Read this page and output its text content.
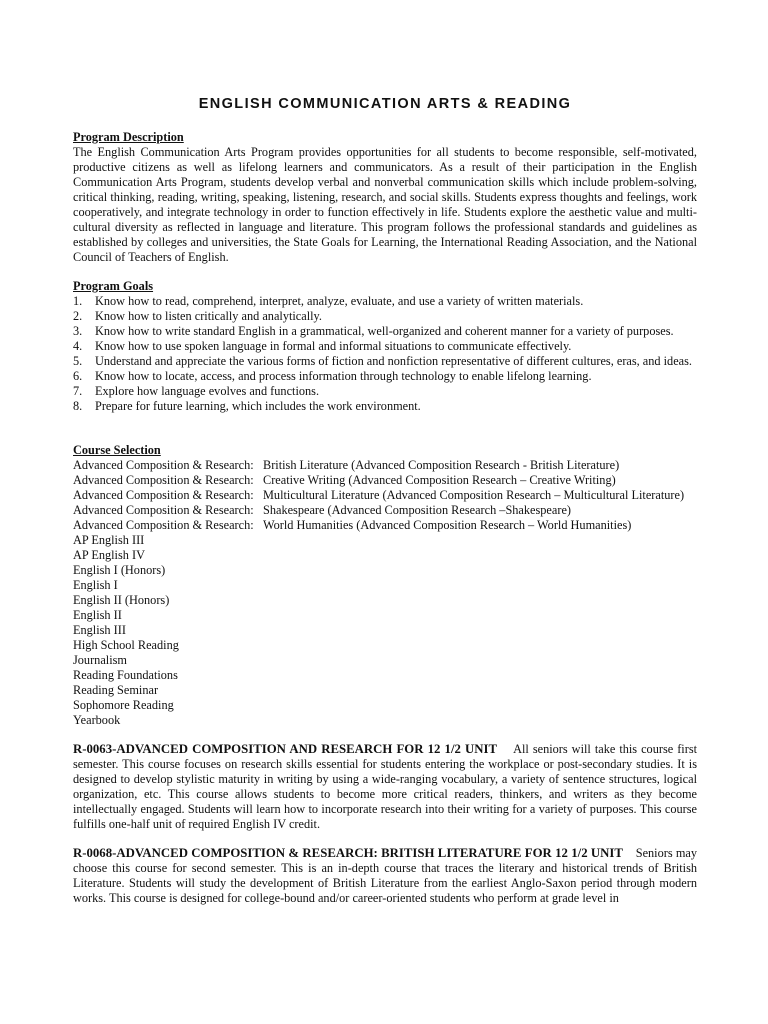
ENGLISH COMMUNICATION ARTS & READING
Program Description

The English Communication Arts Program provides opportunities for all students to become responsible, self-motivated, productive citizens as well as lifelong learners and communicators. As a result of their participation in the English Communication Arts Program, students develop verbal and nonverbal communication skills which include problem-solving, critical thinking, reading, writing, speaking, listening, research, and social skills. Students express thoughts and feelings, work cooperatively, and integrate technology in order to function effectively in life. Students explore the aesthetic value and multi-cultural diversity as reflected in language and literature. This program follows the professional standards and guidelines as established by colleges and universities, the State Goals for Learning, the International Reading Association, and the National Council of Teachers of English.

Program Goals
1.	Know how to read, comprehend, interpret, analyze, evaluate, and use a variety of written materials.
2.	Know how to listen critically and analytically.
3.	Know how to write standard English in a grammatical, well-organized and coherent manner for a variety of purposes.
4.	Know how to use spoken language in formal and informal situations to communicate effectively.
5.	Understand and appreciate the various forms of fiction and nonfiction representative of different cultures, eras, and ideas.
6.	Know how to locate, access, and process information through technology to enable lifelong learning.
7.	Explore how language evolves and functions.
8.	Prepare for future learning, which includes the work environment.
Course Selection
Advanced Composition & Research: British Literature (Advanced Composition Research - British Literature)
Advanced Composition & Research: Creative Writing (Advanced Composition Research – Creative Writing)
Advanced Composition & Research: Multicultural Literature (Advanced Composition Research – Multicultural Literature)
Advanced Composition & Research: Shakespeare (Advanced Composition Research –Shakespeare)
Advanced Composition & Research: World Humanities (Advanced Composition Research – World Humanities)
AP English III
AP English IV
English I (Honors)
English I
English II (Honors)
English II
English III
High School Reading
Journalism
Reading Foundations
Reading Seminar
Sophomore Reading
Yearbook

R-0063-ADVANCED COMPOSITION AND RESEARCH FOR 12 1/2 UNIT All seniors will take this course first semester. This course focuses on research skills essential for students entering the workplace or post-secondary studies. It is designed to develop stylistic maturity in writing by using a wide-ranging vocabulary, a variety of sentence structures, logical organization, etc. This course allows students to become more critical readers, thinkers, and writers as they become intellectually engaged. Students will learn how to incorporate research into their writing for a variety of purposes. This course fulfills one-half unit of required English IV credit.

R-0068-ADVANCED COMPOSITION & RESEARCH: BRITISH LITERATURE FOR 12 1/2 UNIT Seniors may choose this course for second semester. This is an in-depth course that traces the literary and historical trends of British Literature. Students will study the development of British Literature from the earliest Anglo-Saxon period through modern works. This course is designed for college-bound and/or career-oriented students who perform at grade level in
